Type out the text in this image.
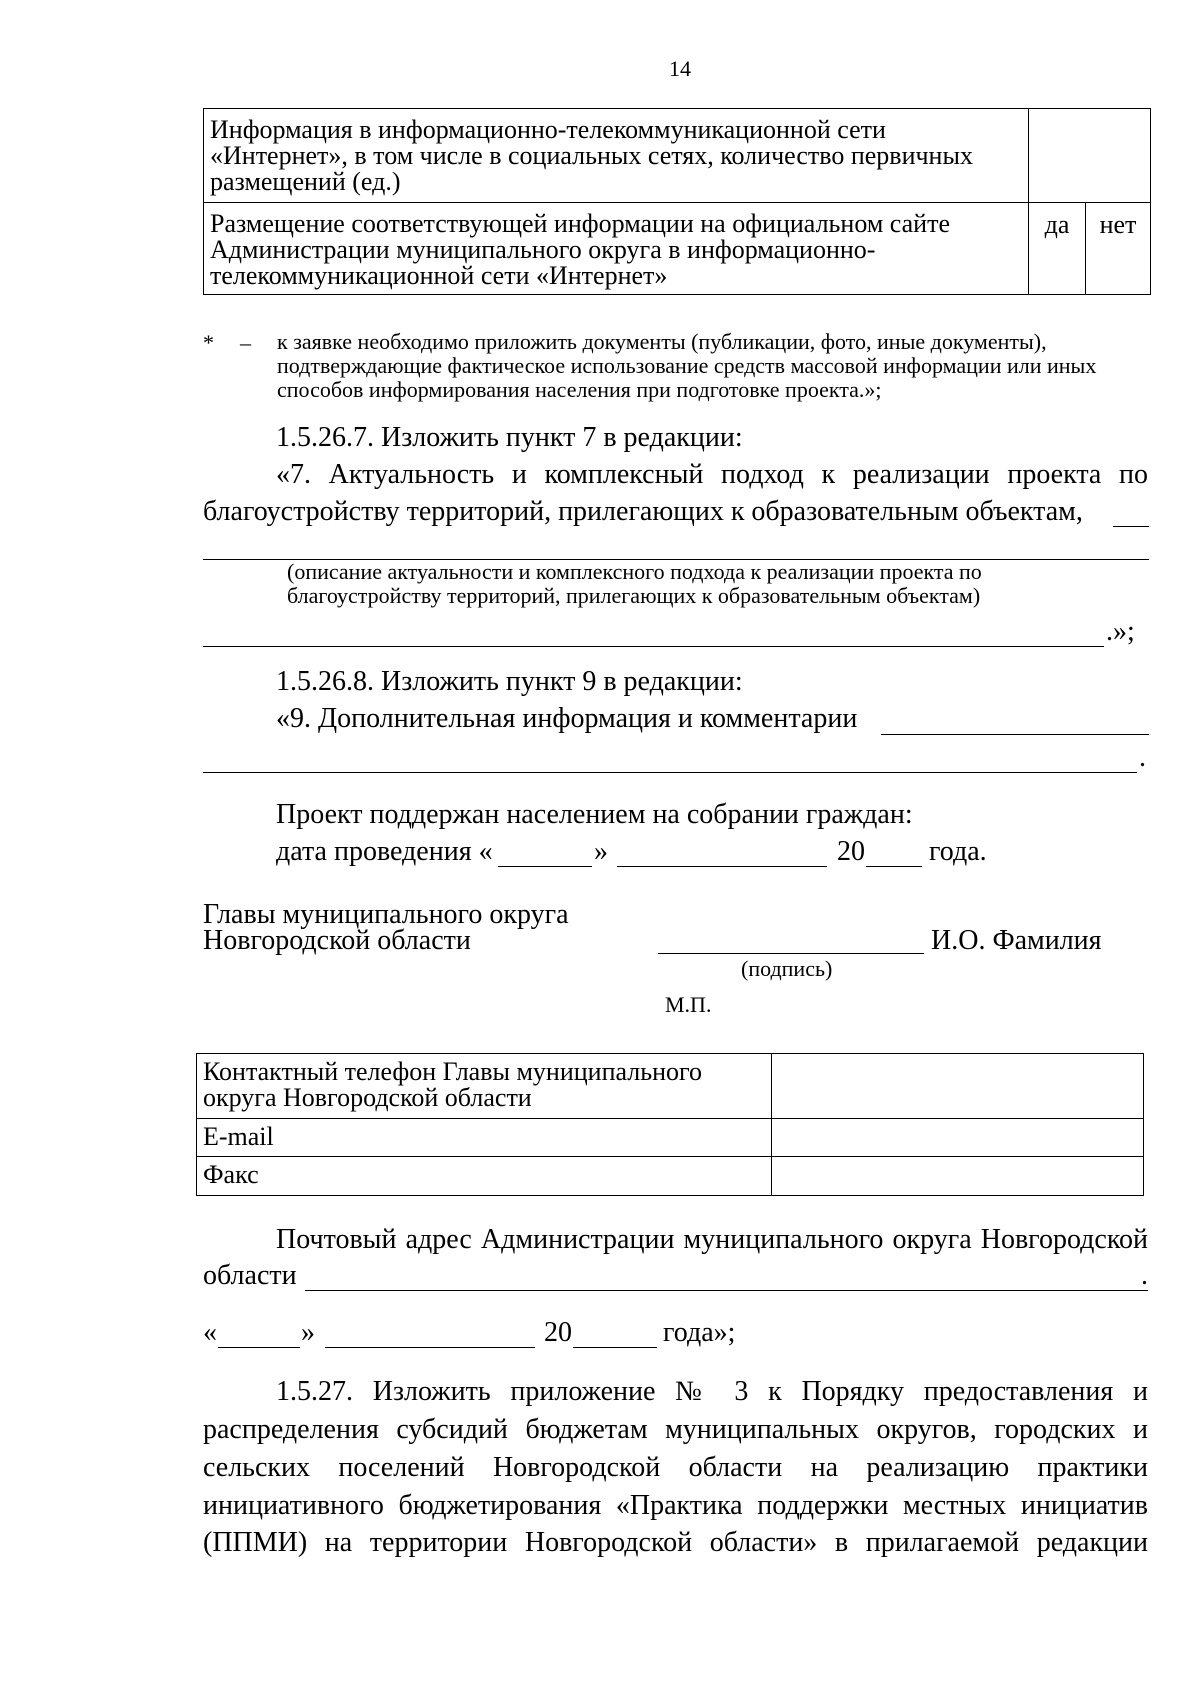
14
Информация в информационно-телекоммуникационной сети «Интернет», в том числе в социальных сетях, количество первичных размещений (ед.)		
Размещение соответствующей информации на официальном сайте Администрации муниципального округа в информационно-телекоммуникационной сети «Интернет»	да	нет
* – к заявке необходимо приложить документы (публикации, фото, иные документы), подтверждающие фактическое использование средств массовой информации или иных способов информирования населения при подготовке проекта.»;
1.5.26.7. Изложить пункт 7 в редакции:
«7. Актуальность и комплексный подход к реализации проекта по
благоустройству территорий, прилегающих к образовательным объектам,
(описание актуальности и комплексного подхода к реализации проекта по
благоустройству территорий, прилегающих к образовательным объектам)
.»;
1.5.26.8. Изложить пункт 9 в редакции:
«9. Дополнительная информация и комментарии
.
Проект поддержан населением на собрании граждан:
дата проведения «	»	20 года.
Главы муниципального округа
Новгородской области	И.О. Фамилия
(подпись)
М.П.
Контактный телефон Главы муниципального округа Новгородской области	
E-mail	
Факс	
Почтовый адрес Администрации муниципального округа Новгородской
области	.
«	»	20	года»;
1.5.27. Изложить приложение № 3 к Порядку предоставления и
распределения субсидий бюджетам муниципальных округов, городских и
сельских поселений Новгородской области на реализацию практики
инициативного бюджетирования «Практика поддержки местных инициатив
(ППМИ) на территории Новгородской области» в прилагаемой редакции
